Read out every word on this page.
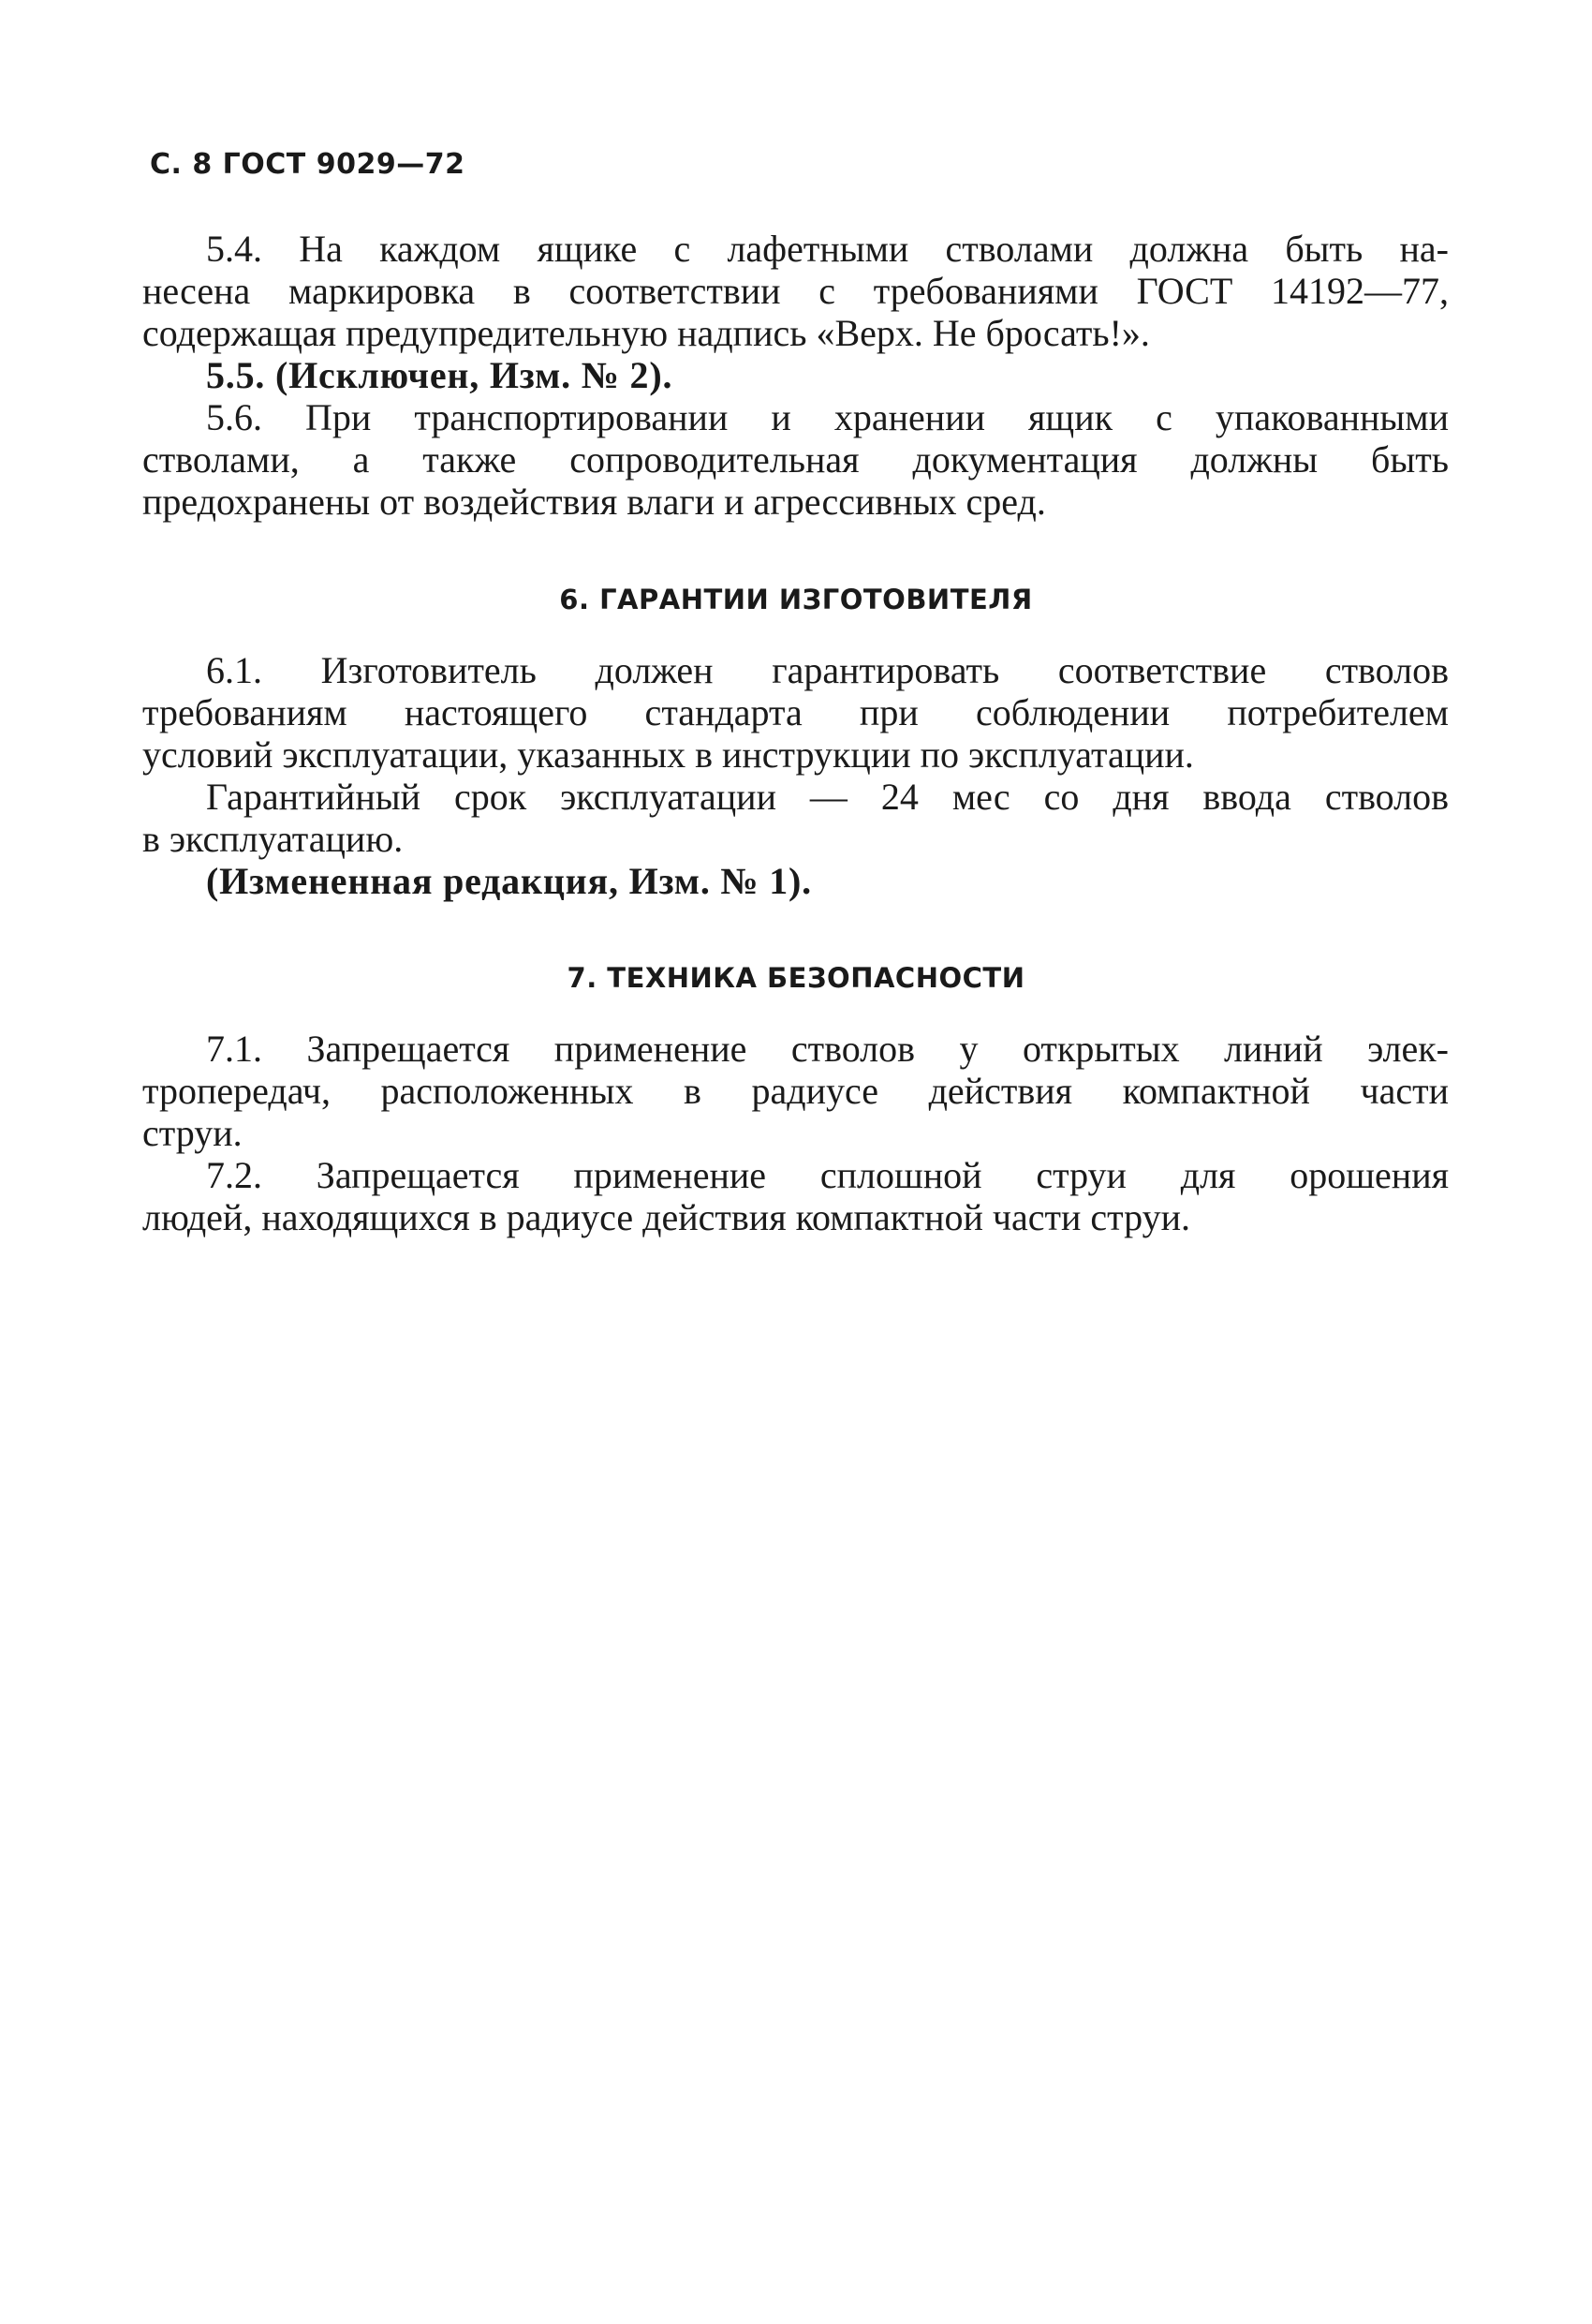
С. 8 ГОСТ 9029—72
5.4. На каждом ящике с лафетными стволами должна быть на-
несена маркировка в соответствии с требованиями ГОСТ 14192—77,
содержащая предупредительную надпись «Верх. Не бросать!».
5.5. (Исключен, Изм. № 2).
5.6. При транспортировании и хранении ящик с упакованными
стволами, а также сопроводительная документация должны быть
предохранены от воздействия влаги и агрессивных сред.
6. ГАРАНТИИ ИЗГОТОВИТЕЛЯ
6.1. Изготовитель должен гарантировать соответствие стволов
требованиям настоящего стандарта при соблюдении потребителем
условий эксплуатации, указанных в инструкции по эксплуатации.
Гарантийный срок эксплуатации — 24 мес со дня ввода стволов
в эксплуатацию.
(Измененная редакция, Изм. № 1).
7. ТЕХНИКА БЕЗОПАСНОСТИ
7.1. Запрещается применение стволов у открытых линий элек-
тропередач, расположенных в радиусе действия компактной части
струи.
7.2. Запрещается применение сплошной струи для орошения
людей, находящихся в радиусе действия компактной части струи.
